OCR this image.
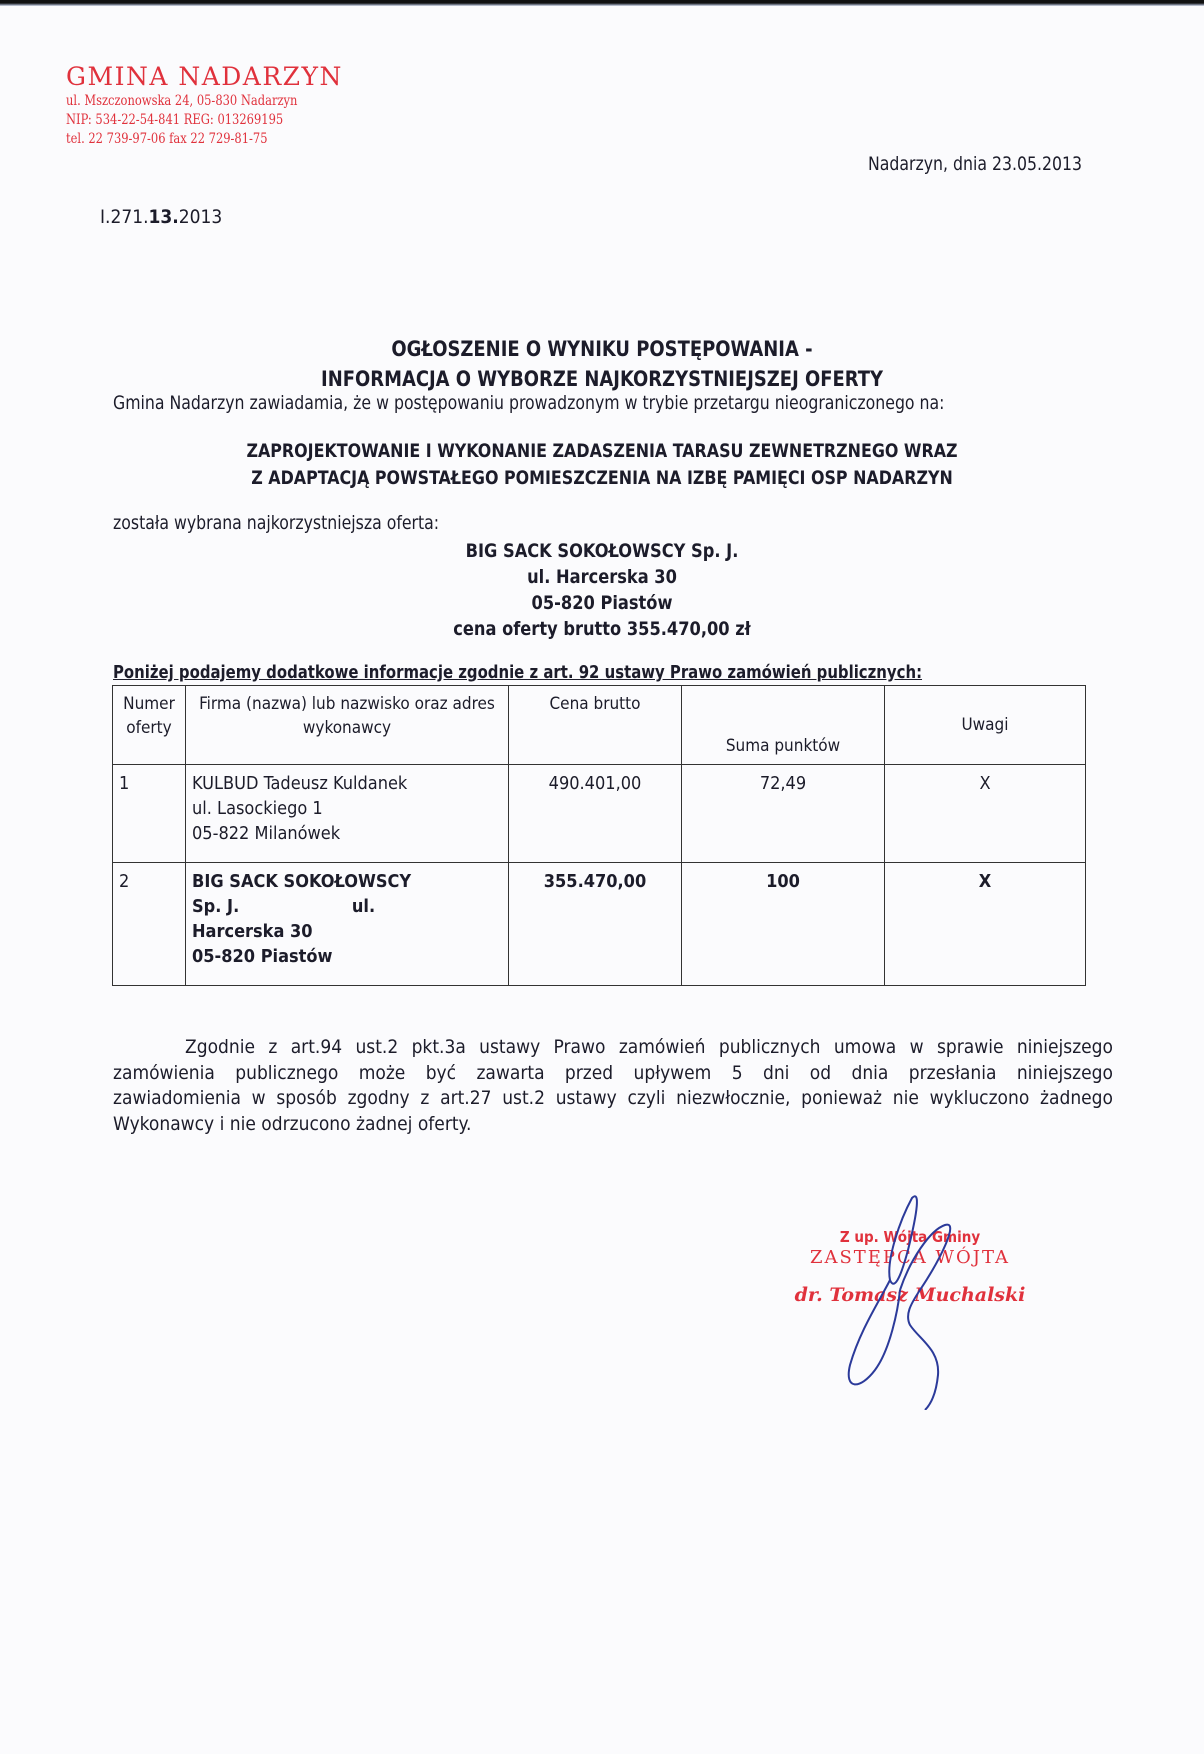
GMINA NADARZYN
ul. Mszczonowska 24, 05-830 Nadarzyn
NIP: 534-22-54-841 REG: 013269195
tel. 22 739-97-06 fax 22 729-81-75
Nadarzyn, dnia 23.05.2013
I.271.13.2013
OGŁOSZENIE O WYNIKU POSTĘPOWANIA -
INFORMACJA O WYBORZE NAJKORZYSTNIEJSZEJ OFERTY
Gmina Nadarzyn zawiadamia, że w postępowaniu prowadzonym w trybie przetargu nieograniczonego na:
ZAPROJEKTOWANIE I WYKONANIE ZADASZENIA TARASU ZEWNETRZNEGO WRAZ
Z ADAPTACJĄ POWSTAŁEGO POMIESZCZENIA NA IZBĘ PAMIĘCI OSP NADARZYN
została wybrana najkorzystniejsza oferta:
BIG SACK SOKOŁOWSCY Sp. J.
ul. Harcerska 30
05-820 Piastów
cena oferty brutto 355.470,00 zł
Poniżej podajemy dodatkowe informacje zgodnie z art. 92 ustawy Prawo zamówień publicznych:
Numer oferty	Firma (nazwa) lub nazwisko oraz adres wykonawcy	Cena brutto	Suma punktów	Uwagi
1	KULBUD Tadeusz Kuldanek
ul. Lasockiego 1
05-822 Milanówek	490.401,00	72,49	X
2	BIG SACK SOKOŁOWSCY
Sp. J.                    ul.
Harcerska 30
05-820 Piastów	355.470,00	100	X
Zgodnie z art.94 ust.2 pkt.3a ustawy Prawo zamówień publicznych umowa w sprawie niniejszego
zamówienia publicznego może być zawarta przed upływem 5 dni od dnia przesłania niniejszego
zawiadomienia w sposób zgodny z art.27 ust.2 ustawy czyli niezwłocznie, ponieważ nie wykluczono żadnego
Wykonawcy i nie odrzucono żadnej oferty.
Z up. Wójta Gminy
ZASTĘPCA WÓJTA
dr. Tomasz Muchalski
